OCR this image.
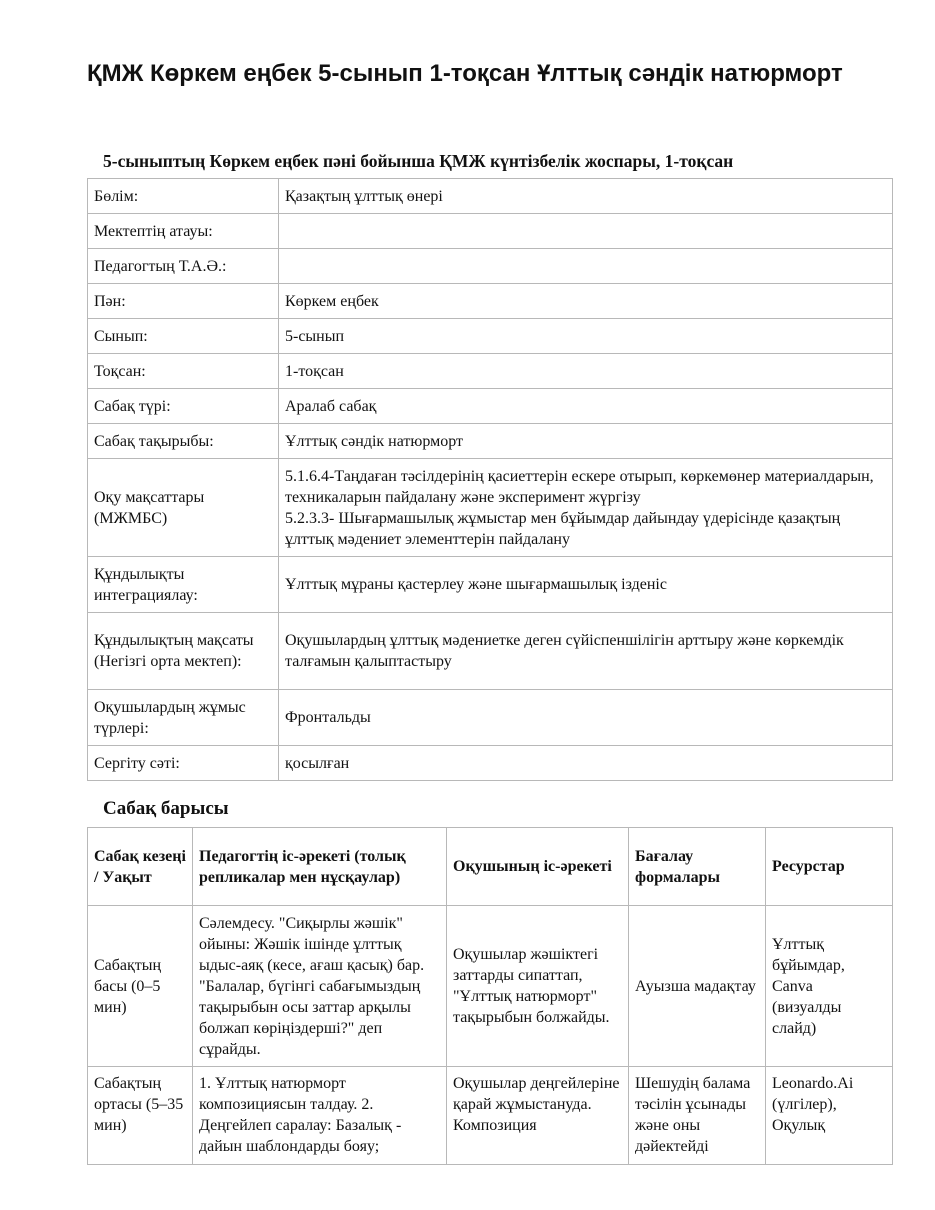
ҚМЖ Көркем еңбек 5-сынып 1-тоқсан Ұлттық сәндік натюрморт
5-сыныптың Көркем еңбек пәні бойынша ҚМЖ күнтізбелік жоспары, 1-тоқсан
Бөлім:	Қазақтың ұлттық өнері
Мектептің атауы:	
Педагогтың Т.А.Ә.:	
Пән:	Көркем еңбек
Сынып:	5-сынып
Тоқсан:	1-тоқсан
Сабақ түрі:	Аралаб сабақ
Сабақ тақырыбы:	Ұлттық сәндік натюрморт
Оқу мақсаттары (МЖМБС)	5.1.6.4-Таңдаған тәсілдерінің қасиеттерін ескере отырып, көркемөнер материалдарын, техникаларын пайдалану және эксперимент жүргізу
5.2.3.3- Шығармашылық жұмыстар мен бұйымдар дайындау үдерісінде қазақтың ұлттық мәдениет элементтерін пайдалану
Құндылықты интеграциялау:	Ұлттық мұраны қастерлеу және шығармашылық ізденіс
Құндылықтың мақсаты (Негізгі орта мектеп):	Оқушылардың ұлттық мәдениетке деген сүйіспеншілігін арттыру және көркемдік талғамын қалыптастыру
Оқушылардың жұмыс түрлері:	Фронтальды
Сергіту сәті:	қосылған
Сабақ барысы
Сабақ кезеңі / Уақыт	Педагогтің іс-әрекеті (толық репликалар мен нұсқаулар)	Оқушының іс-әрекеті	Бағалау формалары	Ресурстар
Сабақтың басы (0–5 мин)	Сәлемдесу. "Сиқырлы жәшік" ойыны: Жәшік ішінде ұлттық ыдыс-аяқ (кесе, ағаш қасық) бар. "Балалар, бүгінгі сабағымыздың тақырыбын осы заттар арқылы болжап көріңіздерші?" деп сұрайды.	Оқушылар жәшіктегі заттарды сипаттап, "Ұлттық натюрморт" тақырыбын болжайды.	Ауызша мадақтау	Ұлттық бұйымдар, Canva (визуалды слайд)
Сабақтың ортасы (5–35 мин)	1. Ұлттық натюрморт композициясын талдау. 2. Деңгейлеп саралау: Базалық - дайын шаблондарды бояу;	Оқушылар деңгейлеріне қарай жұмыстануда. Композиция	Шешудің балама тәсілін ұсынады және оны дәйектейді	Leonardo.Ai (үлгілер), Оқулық
